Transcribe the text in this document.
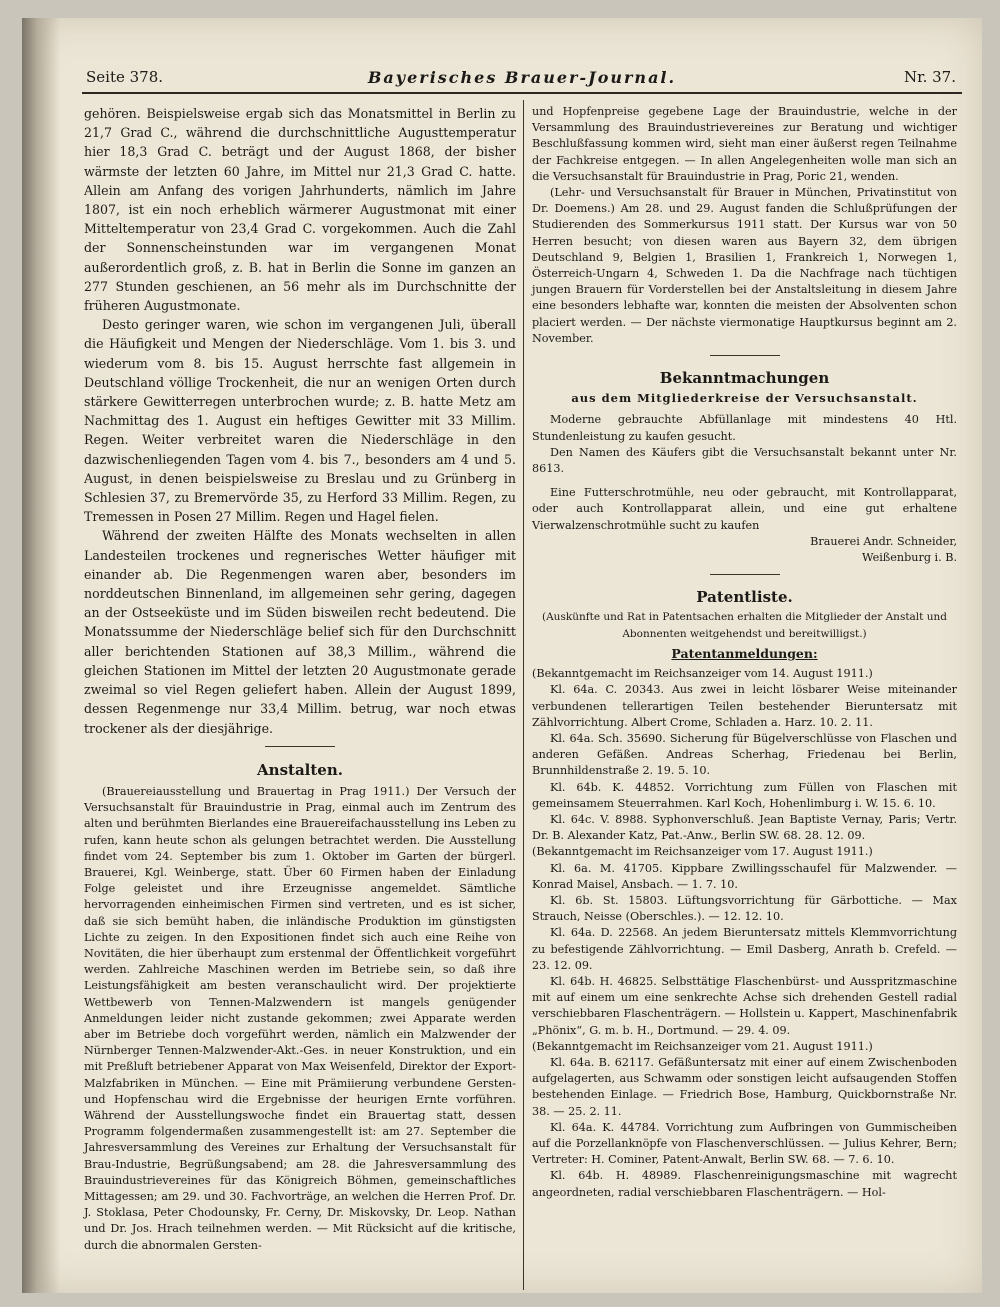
Seite 378.	Bayerisches Brauer-Journal.	Nr. 37.

gehören. Beispielsweise ergab sich das Monatsmittel in Berlin zu 21,7 Grad C., während die durchschnittliche Augusttemperatur hier 18,3 Grad C. beträgt und der August 1868, der bisher wärmste der letzten 60 Jahre, im Mittel nur 21,3 Grad C. hatte. Allein am Anfang des vorigen Jahrhunderts, nämlich im Jahre 1807, ist ein noch erheblich wärmerer Augustmonat mit einer Mitteltemperatur von 23,4 Grad C. vorgekommen. Auch die Zahl der Sonnenscheinstunden war im vergangenen Monat außerordentlich groß, z. B. hat in Berlin die Sonne im ganzen an 277 Stunden geschienen, an 56 mehr als im Durchschnitte der früheren Augustmonate.

Desto geringer waren, wie schon im vergangenen Juli, überall die Häufigkeit und Mengen der Niederschläge. Vom 1. bis 3. und wiederum vom 8. bis 15. August herrschte fast allgemein in Deutschland völlige Trockenheit, die nur an wenigen Orten durch stärkere Gewitterregen unterbrochen wurde; z. B. hatte Metz am Nachmittag des 1. August ein heftiges Gewitter mit 33 Millim. Regen. Weiter verbreitet waren die Niederschläge in den dazwischenliegenden Tagen vom 4. bis 7., besonders am 4 und 5. August, in denen beispielsweise zu Breslau und zu Grünberg in Schlesien 37, zu Bremervörde 35, zu Herford 33 Millim. Regen, zu Tremessen in Posen 27 Millim. Regen und Hagel fielen.

Während der zweiten Hälfte des Monats wechselten in allen Landesteilen trockenes und regnerisches Wetter häufiger mit einander ab. Die Regenmengen waren aber, besonders im norddeutschen Binnenland, im allgemeinen sehr gering, dagegen an der Ostseeküste und im Süden bisweilen recht bedeutend. Die Monatssumme der Niederschläge belief sich für den Durchschnitt aller berichtenden Stationen auf 38,3 Millim., während die gleichen Stationen im Mittel der letzten 20 Augustmonate gerade zweimal so viel Regen geliefert haben. Allein der August 1899, dessen Regenmenge nur 33,4 Millim. betrug, war noch etwas trockener als der diesjährige.

Anstalten.

(Brauereiausstellung und Brauertag in Prag 1911.) Der Versuch der Versuchsanstalt für Brauindustrie in Prag, einmal auch im Zentrum des alten und berühmten Bierlandes eine Brauereifachausstellung ins Leben zu rufen, kann heute schon als gelungen betrachtet werden. Die Ausstellung findet vom 24. September bis zum 1. Oktober im Garten der bürgerl. Brauerei, Kgl. Weinberge, statt. Über 60 Firmen haben der Einladung Folge geleistet und ihre Erzeugnisse angemeldet. Sämtliche hervorragenden einheimischen Firmen sind vertreten, und es ist sicher, daß sie sich bemüht haben, die inländische Produktion im günstigsten Lichte zu zeigen. In den Expositionen findet sich auch eine Reihe von Novitäten, die hier überhaupt zum erstenmal der Öffentlichkeit vorgeführt werden. Zahlreiche Maschinen werden im Betriebe sein, so daß ihre Leistungsfähigkeit am besten veranschaulicht wird. Der projektierte Wettbewerb von Tennen-Malzwendern ist mangels genügender Anmeldungen leider nicht zustande gekommen; zwei Apparate werden aber im Betriebe doch vorgeführt werden, nämlich ein Malzwender der Nürnberger Tennen-Malzwender-Akt.-Ges. in neuer Konstruktion, und ein mit Preßluft betriebener Apparat von Max Weisenfeld, Direktor der Export-Malzfabriken in München. — Eine mit Prämiierung verbundene Gersten- und Hopfenschau wird die Ergebnisse der heurigen Ernte vorführen. Während der Ausstellungswoche findet ein Brauertag statt, dessen Programm folgendermaßen zusammengestellt ist: am 27. September die Jahresversammlung des Vereines zur Erhaltung der Versuchsanstalt für Brau-Industrie, Begrüßungsabend; am 28. die Jahresversammlung des Brauindustrievereines für das Königreich Böhmen, gemeinschaftliches Mittagessen; am 29. und 30. Fachvorträge, an welchen die Herren Prof. Dr. J. Stoklasa, Peter Chodounsky, Fr. Cerny, Dr. Miskovsky, Dr. Leop. Nathan und Dr. Jos. Hrach teilnehmen werden. — Mit Rücksicht auf die kritische, durch die abnormalen Gersten-

und Hopfenpreise gegebene Lage der Brauindustrie, welche in der Versammlung des Brauindustrievereines zur Beratung und wichtiger Beschlußfassung kommen wird, sieht man einer äußerst regen Teilnahme der Fachkreise entgegen. — In allen Angelegenheiten wolle man sich an die Versuchsanstalt für Brauindustrie in Prag, Poric 21, wenden.

(Lehr- und Versuchsanstalt für Brauer in München, Privatinstitut von Dr. Doemens.) Am 28. und 29. August fanden die Schlußprüfungen der Studierenden des Sommerkursus 1911 statt. Der Kursus war von 50 Herren besucht; von diesen waren aus Bayern 32, dem übrigen Deutschland 9, Belgien 1, Brasilien 1, Frankreich 1, Norwegen 1, Österreich-Ungarn 4, Schweden 1. Da die Nachfrage nach tüchtigen jungen Brauern für Vorderstellen bei der Anstaltsleitung in diesem Jahre eine besonders lebhafte war, konnten die meisten der Absolventen schon placiert werden. — Der nächste viermonatige Hauptkursus beginnt am 2. November.

Bekanntmachungen
aus dem Mitgliederkreise der Versuchsanstalt.

Moderne gebrauchte Abfüllanlage mit mindestens 40 Htl. Stundenleistung zu kaufen gesucht.

Den Namen des Käufers gibt die Versuchsanstalt bekannt unter Nr. 8613.

Eine Futterschrotmühle, neu oder gebraucht, mit Kontrollapparat, oder auch Kontrollapparat allein, und eine gut erhaltene Vierwalzenschrotmühle sucht zu kaufen

Brauerei Andr. Schneider,

Weißenburg i. B.

Patentliste.
(Auskünfte und Rat in Patentsachen erhalten die Mitglieder der Anstalt und Abonnenten weitgehendst und bereitwilligst.)
Patentanmeldungen:

(Bekanntgemacht im Reichsanzeiger vom 14. August 1911.)

Kl. 64a. C. 20343. Aus zwei in leicht lösbarer Weise miteinander verbundenen tellerartigen Teilen bestehender Bieruntersatz mit Zählvorrichtung. Albert Crome, Schladen a. Harz. 10. 2. 11.

Kl. 64a. Sch. 35690. Sicherung für Bügelverschlüsse von Flaschen und anderen Gefäßen. Andreas Scherhag, Friedenau bei Berlin, Brunnhildenstraße 2. 19. 5. 10.

Kl. 64b. K. 44852. Vorrichtung zum Füllen von Flaschen mit gemeinsamem Steuerrahmen. Karl Koch, Hohenlimburg i. W. 15. 6. 10.

Kl. 64c. V. 8988. Syphonverschluß. Jean Baptiste Vernay, Paris; Vertr. Dr. B. Alexander Katz, Pat.-Anw., Berlin SW. 68. 28. 12. 09.

(Bekanntgemacht im Reichsanzeiger vom 17. August 1911.)

Kl. 6a. M. 41705. Kippbare Zwillingsschaufel für Malzwender. — Konrad Maisel, Ansbach. — 1. 7. 10.

Kl. 6b. St. 15803. Lüftungsvorrichtung für Gärbottiche. — Max Strauch, Neisse (Oberschles.). — 12. 12. 10.

Kl. 64a. D. 22568. An jedem Bieruntersatz mittels Klemmvorrichtung zu befestigende Zählvorrichtung. — Emil Dasberg, Anrath b. Crefeld. — 23. 12. 09.

Kl. 64b. H. 46825. Selbsttätige Flaschenbürst- und Ausspritzmaschine mit auf einem um eine senkrechte Achse sich drehenden Gestell radial verschiebbaren Flaschenträgern. — Hollstein u. Kappert, Maschinenfabrik „Phönix“, G. m. b. H., Dortmund. — 29. 4. 09.

(Bekanntgemacht im Reichsanzeiger vom 21. August 1911.)

Kl. 64a. B. 62117. Gefäßuntersatz mit einer auf einem Zwischenboden aufgelagerten, aus Schwamm oder sonstigen leicht aufsaugenden Stoffen bestehenden Einlage. — Friedrich Bose, Hamburg, Quickbornstraße Nr. 38. — 25. 2. 11.

Kl. 64a. K. 44784. Vorrichtung zum Aufbringen von Gummischeiben auf die Porzellanknöpfe von Flaschenverschlüssen. — Julius Kehrer, Bern; Vertreter: H. Cominer, Patent-Anwalt, Berlin SW. 68. — 7. 6. 10.

Kl. 64b. H. 48989. Flaschenreinigungsmaschine mit wagrecht angeordneten, radial verschiebbaren Flaschenträgern. — Hol-
